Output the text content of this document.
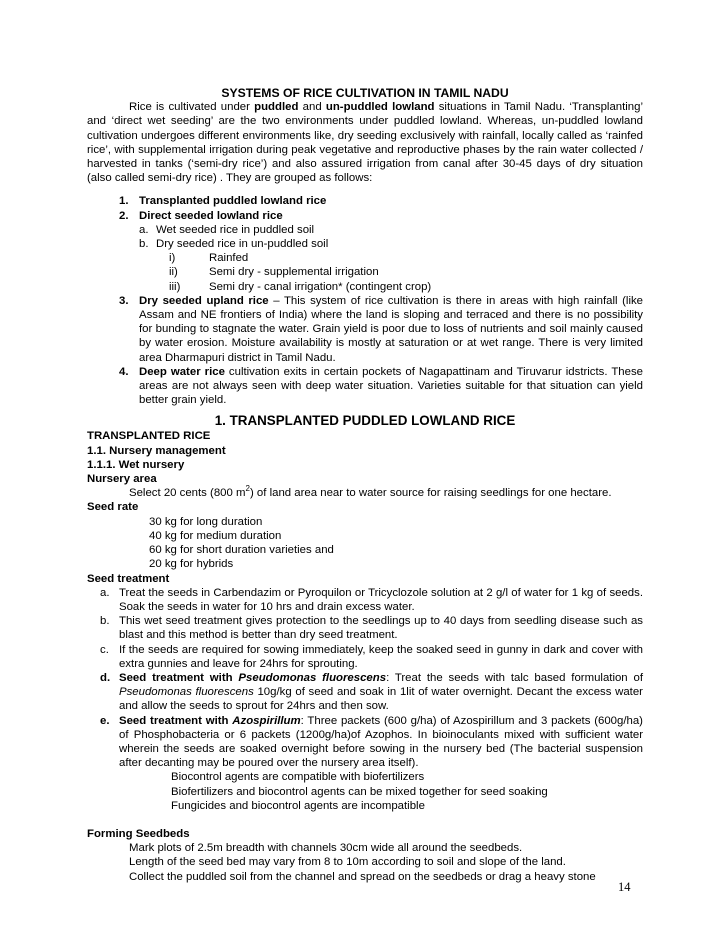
SYSTEMS OF RICE CULTIVATION IN TAMIL NADU

Rice is cultivated under puddled and un-puddled lowland situations in Tamil Nadu. ‘Transplanting’ and ‘direct wet seeding’ are the two environments under puddled lowland. Whereas, un-puddled lowland cultivation undergoes different environments like, dry seeding exclusively with rainfall, locally called as ‘rainfed rice’, with supplemental irrigation during peak vegetative and reproductive phases by the rain water collected / harvested in tanks (‘semi-dry rice’) and also assured irrigation from canal after 30-45 days of dry situation (also called semi-dry rice) . They are grouped as follows:

1. Transplanted puddled lowland rice
2. Direct seeded lowland rice
a. Wet seeded rice in puddled soil
b. Dry seeded rice in un-puddled soil
i)	Rainfed
ii)	Semi dry - supplemental irrigation
iii)	Semi dry - canal irrigation* (contingent crop)
3. Dry seeded upland rice – This system of rice cultivation is there in areas with high rainfall (like Assam and NE frontiers of India) where the land is sloping and terraced and there is no possibility for bunding to stagnate the water. Grain yield is poor due to loss of nutrients and soil mainly caused by water erosion. Moisture availability is mostly at saturation or at wet range. There is very limited area Dharmapuri district in Tamil Nadu.
4. Deep water rice cultivation exits in certain pockets of Nagapattinam and Tiruvarur idstricts. These areas are not always seen with deep water situation. Varieties suitable for that situation can yield better grain yield.

1. TRANSPLANTED PUDDLED LOWLAND RICE

TRANSPLANTED RICE

1.1. Nursery management

1.1.1. Wet nursery

Nursery area

Select 20 cents (800 $m^2$) of land area near to water source for raising seedlings for one hectare.

Seed rate

30 kg for long duration

40 kg for medium duration

60 kg for short duration varieties and

20 kg for hybrids

Seed treatment

a. Treat the seeds in Carbendazim or Pyroquilon or Tricyclozole solution at 2 g/l of water for 1 kg of seeds. Soak the seeds in water for 10 hrs and drain excess water.
b. This wet seed treatment gives protection to the seedlings up to 40 days from seedling disease such as blast and this method is better than dry seed treatment.
c. If the seeds are required for sowing immediately, keep the soaked seed in gunny in dark and cover with extra gunnies and leave for 24hrs for sprouting.
d. Seed treatment with Pseudomonas fluorescens: Treat the seeds with talc based formulation of Pseudomonas fluorescens 10g/kg of seed and soak in 1lit of water overnight. Decant the excess water and allow the seeds to sprout for 24hrs and then sow.
e. Seed treatment with Azospirillum: Three packets (600 g/ha) of Azospirillum and 3 packets (600g/ha) of Phosphobacteria or 6 packets (1200g/ha)of Azophos. In bioinoculants mixed with sufficient water wherein the seeds are soaked overnight before sowing in the nursery bed (The bacterial suspension after decanting may be poured over the nursery area itself).

Biocontrol agents are compatible with biofertilizers

Biofertilizers and biocontrol agents can be mixed together for seed soaking

Fungicides and biocontrol agents are incompatible

Forming Seedbeds

Mark plots of 2.5m breadth with channels 30cm wide all around the seedbeds.

Length of the seed bed may vary from 8 to 10m according to soil and slope of the land.

Collect the puddled soil from the channel and spread on the seedbeds or drag a heavy stone

14
